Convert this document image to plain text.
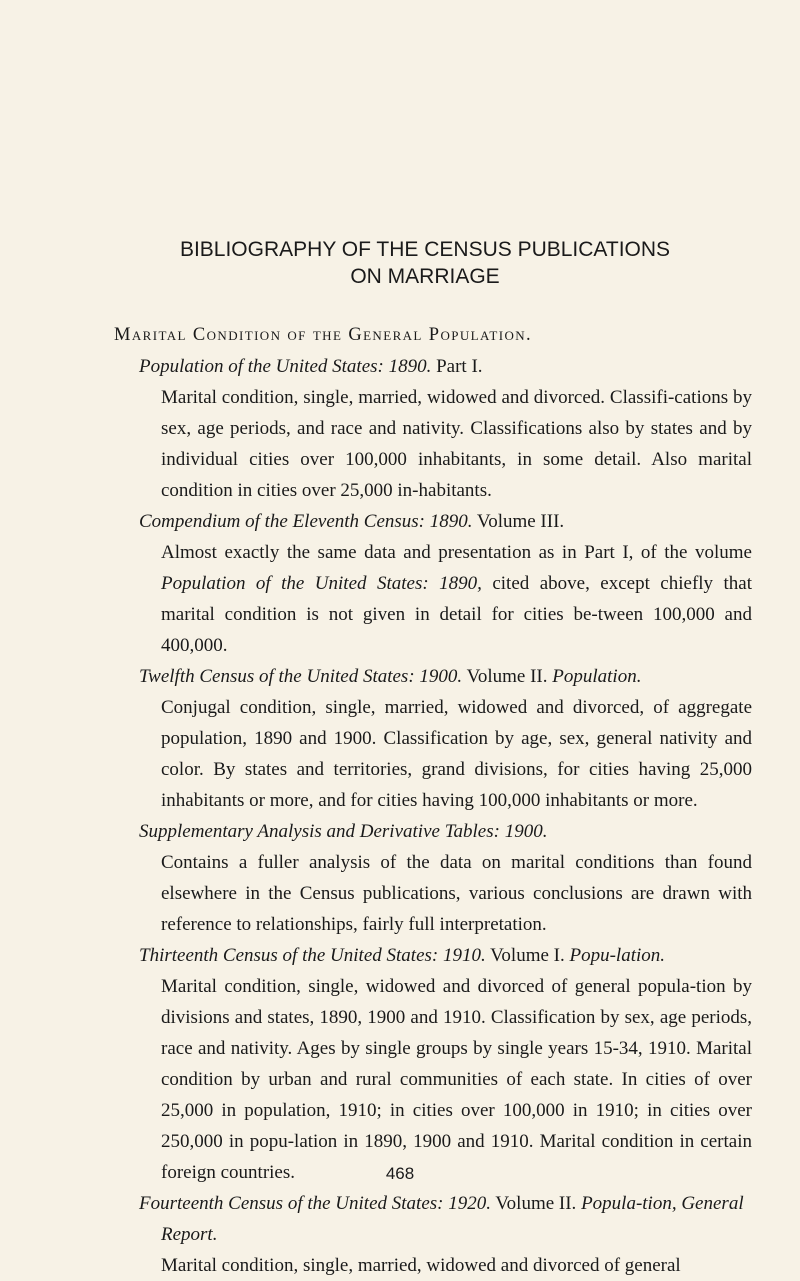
BIBLIOGRAPHY OF THE CENSUS PUBLICATIONS
ON MARRIAGE
Marital Condition of the General Population.
Population of the United States: 1890. Part I.
Marital condition, single, married, widowed and divorced. Classifi-cations by sex, age periods, and race and nativity. Classifications also by states and by individual cities over 100,000 inhabitants, in some detail. Also marital condition in cities over 25,000 in-habitants.
Compendium of the Eleventh Census: 1890. Volume III.
Almost exactly the same data and presentation as in Part I, of the volume Population of the United States: 1890, cited above, except chiefly that marital condition is not given in detail for cities be-tween 100,000 and 400,000.
Twelfth Census of the United States: 1900. Volume II. Population.
Conjugal condition, single, married, widowed and divorced, of aggregate population, 1890 and 1900. Classification by age, sex, general nativity and color. By states and territories, grand divisions, for cities having 25,000 inhabitants or more, and for cities having 100,000 inhabitants or more.
Supplementary Analysis and Derivative Tables: 1900.
Contains a fuller analysis of the data on marital conditions than found elsewhere in the Census publications, various conclusions are drawn with reference to relationships, fairly full interpretation.
Thirteenth Census of the United States: 1910. Volume I. Popu-lation.
Marital condition, single, widowed and divorced of general popula-tion by divisions and states, 1890, 1900 and 1910. Classification by sex, age periods, race and nativity. Ages by single groups by single years 15-34, 1910. Marital condition by urban and rural communities of each state. In cities of over 25,000 in population, 1910; in cities over 100,000 in 1910; in cities over 250,000 in popu-lation in 1890, 1900 and 1910. Marital condition in certain foreign countries.
Fourteenth Census of the United States: 1920. Volume II. Popula-tion, General Report.
Marital condition, single, married, widowed and divorced of general
468
